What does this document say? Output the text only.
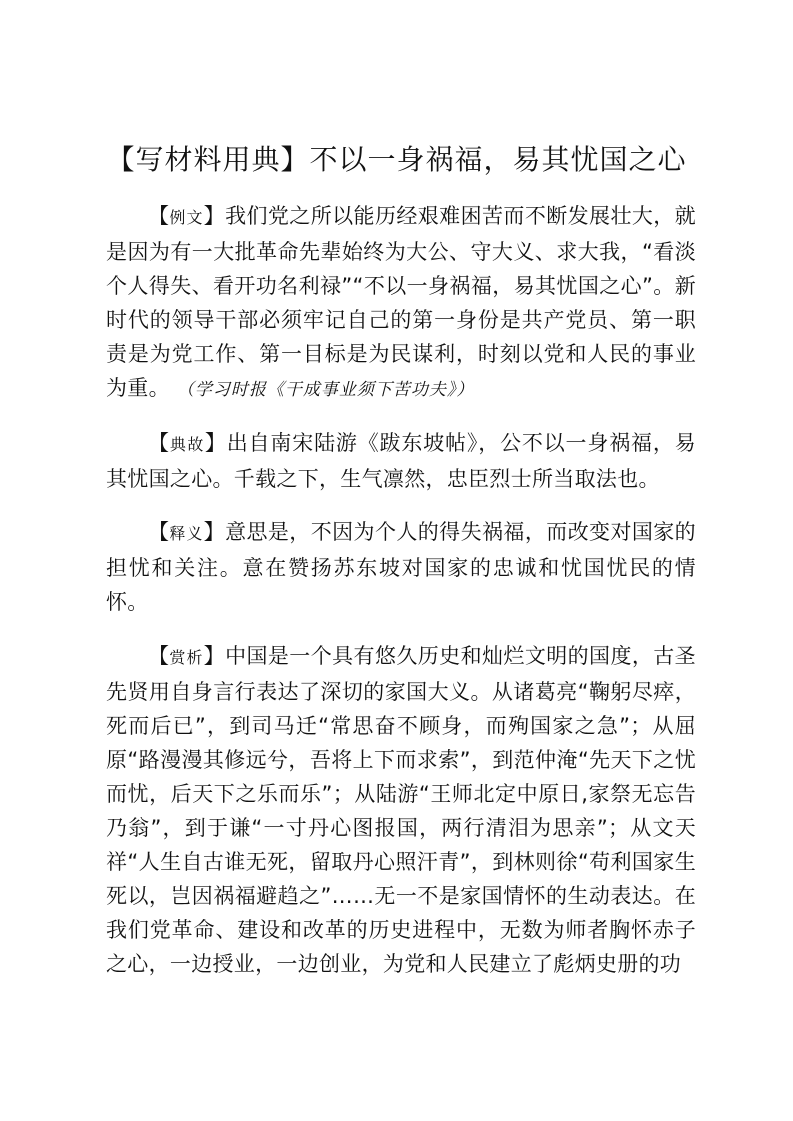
【写材料用典】不以一身祸福，易其忧国之心
【例文】我们党之所以能历经艰难困苦而不断发展壮大，就是因为有一大批革命先辈始终为大公、守大义、求大我，“看淡个人得失、看开功名利禄”“不以一身祸福，易其忧国之心”。新时代的领导干部必须牢记自己的第一身份是共产党员、第一职责是为党工作、第一目标是为民谋利，时刻以党和人民的事业为重。 （学习时报《干成事业须下苦功夫》）
【典故】出自南宋陆游《跋东坡帖》，公不以一身祸福，易其忧国之心。千载之下，生气凛然，忠臣烈士所当取法也。
【释义】意思是，不因为个人的得失祸福，而改变对国家的担忧和关注。意在赞扬苏东坡对国家的忠诚和忧国忧民的情怀。
【赏析】中国是一个具有悠久历史和灿烂文明的国度，古圣先贤用自身言行表达了深切的家国大义。从诸葛亮“鞠躬尽瘁，死而后已”，到司马迁“常思奋不顾身，而殉国家之急”；从屈原“路漫漫其修远兮，吾将上下而求索”，到范仲淹“先天下之忧而忧，后天下之乐而乐”；从陆游“王师北定中原日,家祭无忘告乃翁”，到于谦“一寸丹心图报国，两行清泪为思亲”；从文天祥“人生自古谁无死，留取丹心照汗青”，到林则徐“苟利国家生死以，岂因祸福避趋之”……无一不是家国情怀的生动表达。在我们党革命、建设和改革的历史进程中，无数为师者胸怀赤子之心，一边授业，一边创业，为党和人民建立了彪炳史册的功
